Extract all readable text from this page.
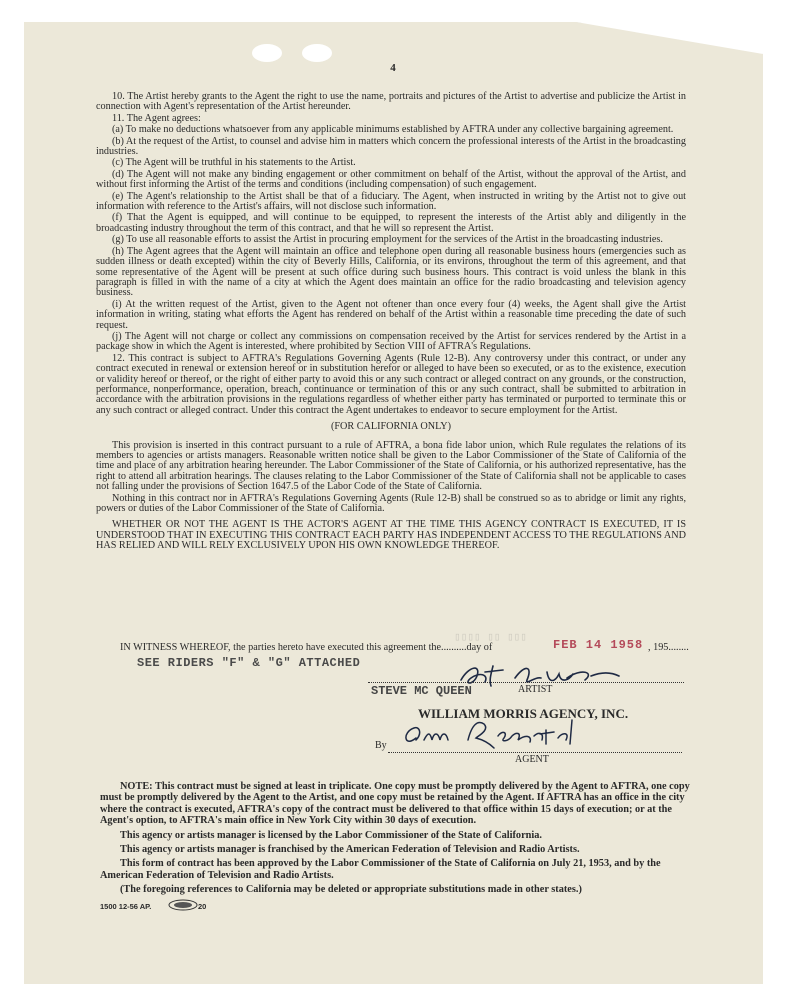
4

10. The Artist hereby grants to the Agent the right to use the name, portraits and pictures of the Artist to advertise and publicize the Artist in connection with Agent's representation of the Artist hereunder.

11. The Agent agrees:

(a) To make no deductions whatsoever from any applicable minimums established by AFTRA under any collective bargaining agreement.

(b) At the request of the Artist, to counsel and advise him in matters which concern the professional interests of the Artist in the broadcasting industries.

(c) The Agent will be truthful in his statements to the Artist.

(d) The Agent will not make any binding engagement or other commitment on behalf of the Artist, without the approval of the Artist, and without first informing the Artist of the terms and conditions (including compensation) of such engagement.

(e) The Agent's relationship to the Artist shall be that of a fiduciary. The Agent, when instructed in writing by the Artist not to give out information with reference to the Artist's affairs, will not disclose such information.

(f) That the Agent is equipped, and will continue to be equipped, to represent the interests of the Artist ably and diligently in the broadcasting industry throughout the term of this contract, and that he will so represent the Artist.

(g) To use all reasonable efforts to assist the Artist in procuring employment for the services of the Artist in the broadcasting industries.

(h) The Agent agrees that the Agent will maintain an office and telephone open during all reasonable business hours (emergencies such as sudden illness or death excepted) within the city of Beverly Hills, California, or its environs, throughout the term of this agreement, and that some representative of the Agent will be present at such office during such business hours. This contract is void unless the blank in this paragraph is filled in with the name of a city at which the Agent does maintain an office for the radio broadcasting and television agency business.

(i) At the written request of the Artist, given to the Agent not oftener than once every four (4) weeks, the Agent shall give the Artist information in writing, stating what efforts the Agent has rendered on behalf of the Artist within a reasonable time preceding the date of such request.

(j) The Agent will not charge or collect any commissions on compensation received by the Artist for services rendered by the Artist in a package show in which the Agent is interested, where prohibited by Section VIII of AFTRA's Regulations.

12. This contract is subject to AFTRA's Regulations Governing Agents (Rule 12-B). Any controversy under this contract, or under any contract executed in renewal or extension hereof or in substitution herefor or alleged to have been so executed, or as to the existence, execution or validity hereof or thereof, or the right of either party to avoid this or any such contract or alleged contract on any grounds, or the construction, performance, nonperformance, operation, breach, continuance or termination of this or any such contract, shall be submitted to arbitration in accordance with the arbitration provisions in the regulations regardless of whether either party has terminated or purported to terminate this or any such contract or alleged contract. Under this contract the Agent undertakes to endeavor to secure employment for the Artist.

(FOR CALIFORNIA ONLY)

This provision is inserted in this contract pursuant to a rule of AFTRA, a bona fide labor union, which Rule regulates the relations of its members to agencies or artists managers. Reasonable written notice shall be given to the Labor Commissioner of the State of California of the time and place of any arbitration hearing hereunder. The Labor Commissioner of the State of California, or his authorized representative, has the right to attend all arbitration hearings. The clauses relating to the Labor Commissioner of the State of California shall not be applicable to cases not falling under the provisions of Section 1647.5 of the Labor Code of the State of California.

Nothing in this contract nor in AFTRA's Regulations Governing Agents (Rule 12-B) shall be construed so as to abridge or limit any rights, powers or duties of the Labor Commissioner of the State of California.

WHETHER OR NOT THE AGENT IS THE ACTOR'S AGENT AT THE TIME THIS AGENCY CONTRACT IS EXECUTED, IT IS UNDERSTOOD THAT IN EXECUTING THIS CONTRACT EACH PARTY HAS INDEPENDENT ACCESS TO THE REGULATIONS AND HAS RELIED AND WILL RELY EXCLUSIVELY UPON HIS OWN KNOWLEDGE THEREOF.

▯▯▯▯ ▯▯ ▯▯▯
IN WITNESS WHEREOF, the parties hereto have executed this agreement the..........day of	FEB 14 1958 , 195........
SEE RIDERS "F" & "G" ATTACHED
STEVE MC QUEEN	ARTIST
WILLIAM MORRIS AGENCY, INC.
By
AGENT

NOTE: This contract must be signed at least in triplicate. One copy must be promptly delivered by the Agent to AFTRA, one copy must be promptly delivered by the Agent to the Artist, and one copy must be retained by the Agent. If AFTRA has an office in the city where the contract is executed, AFTRA's copy of the contract must be delivered to that office within 15 days of execution; or at the Agent's option, to AFTRA's main office in New York City within 30 days of execution.

This agency or artists manager is licensed by the Labor Commissioner of the State of California.

This agency or artists manager is franchised by the American Federation of Television and Radio Artists.

This form of contract has been approved by the Labor Commissioner of the State of California on July 21, 1953, and by the American Federation of Television and Radio Artists.

(The foregoing references to California may be deleted or appropriate substitutions made in other states.)

1500 12-56 AP.	20
